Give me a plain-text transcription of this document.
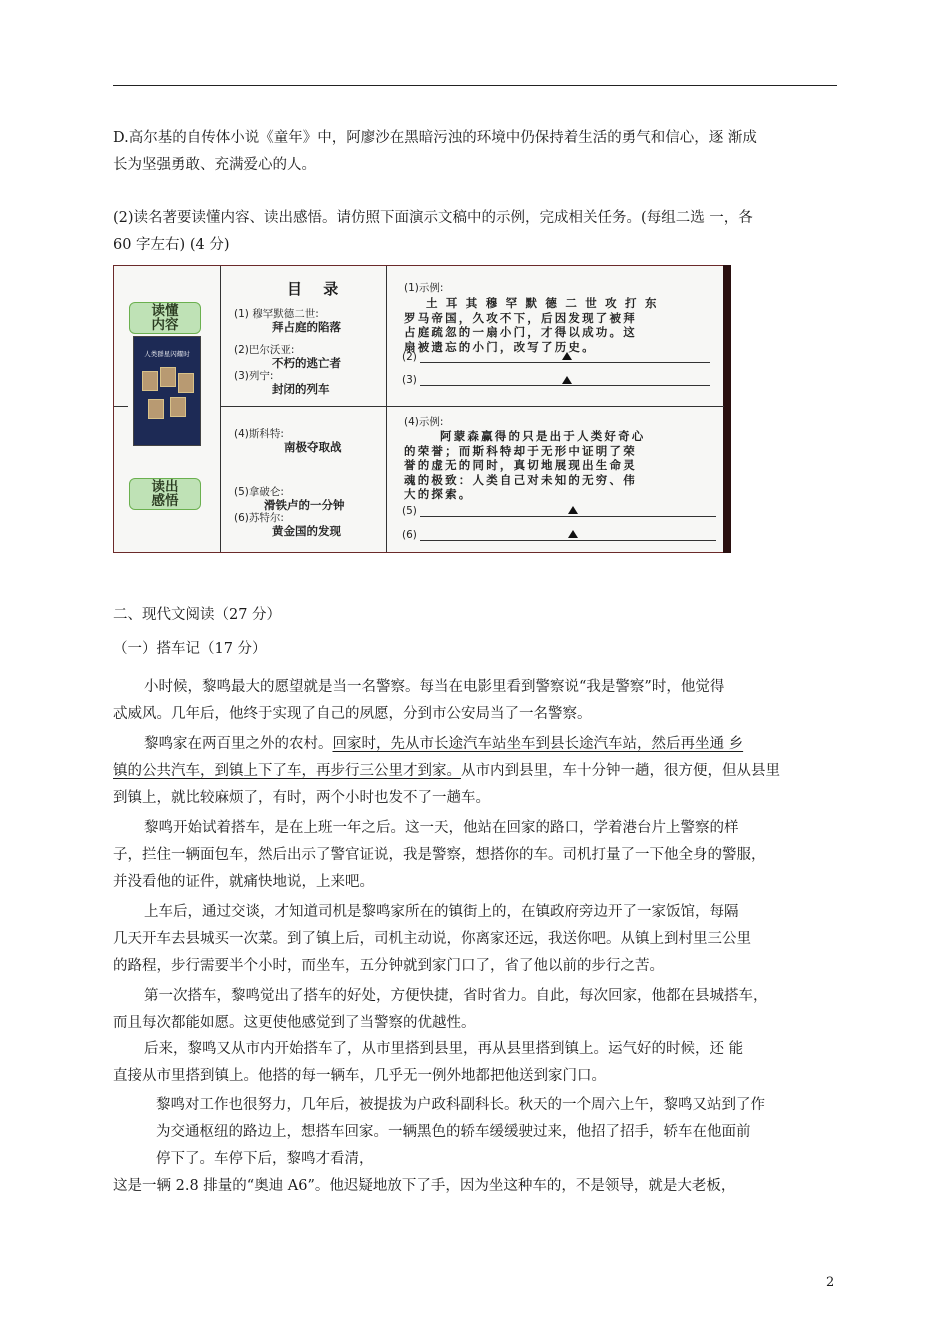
D.高尔基的自传体小说《童年》中，阿廖沙在黑暗污浊的环境中仍保持着生活的勇气和信心，逐 渐成
长为坚强勇敢、充满爱心的人。
(2)读名著要读懂内容、读出感悟。请仿照下面演示文稿中的示例，完成相关任务。(每组二选 一，各
60 字左右) (4 分)
读懂
内容
人类群星闪耀时
读出
感悟
目 录
(1) 穆罕默德二世:
拜占庭的陷落
(2)巴尔沃亚:
不朽的逃亡者
(3)列宁:
封闭的列车
(4)斯科特:
南极夺取战
(5)拿破仑:
滑铁卢的一分钟
(6)苏特尔:
黄金国的发现
(1)示例:
土 耳 其 穆 罕 默 德 二 世 攻 打 东
罗马帝国，久攻不下，后因发现了被拜
占庭疏忽的一扇小门，才得以成功。这
扇被遗忘的小门，改写了历史。
(2)
(3)
(4)示例:
阿蒙森赢得的只是出于人类好奇心
的荣誉；而斯科特却于无形中证明了荣
誉的虚无的同时，真切地展现出生命灵
魂的极致：人类自己对未知的无穷、伟
大的探索。
(5)
(6)
二、现代文阅读（27 分）
（一）搭车记（17 分）
小时候，黎鸣最大的愿望就是当一名警察。每当在电影里看到警察说“我是警察”时，他觉得
忒威风。几年后，他终于实现了自己的夙愿，分到市公安局当了一名警察。
黎鸣家在两百里之外的农村。回家时，先从市长途汽车站坐车到县长途汽车站，然后再坐通 乡
镇的公共汽车，到镇上下了车，再步行三公里才到家。从市内到县里，车十分钟一趟，很方便，但从县里
到镇上，就比较麻烦了，有时，两个小时也发不了一趟车。
黎鸣开始试着搭车，是在上班一年之后。这一天，他站在回家的路口，学着港台片上警察的样
子，拦住一辆面包车，然后出示了警官证说，我是警察，想搭你的车。司机打量了一下他全身的警服，
并没看他的证件，就痛快地说，上来吧。
上车后，通过交谈，才知道司机是黎鸣家所在的镇街上的，在镇政府旁边开了一家饭馆，每隔
几天开车去县城买一次菜。到了镇上后，司机主动说，你离家还远，我送你吧。从镇上到村里三公里
的路程，步行需要半个小时，而坐车，五分钟就到家门口了，省了他以前的步行之苦。
第一次搭车，黎鸣觉出了搭车的好处，方便快捷，省时省力。自此，每次回家，他都在县城搭车，
而且每次都能如愿。这更使他感觉到了当警察的优越性。
后来，黎鸣又从市内开始搭车了，从市里搭到县里，再从县里搭到镇上。运气好的时候，还 能
直接从市里搭到镇上。他搭的每一辆车，几乎无一例外地都把他送到家门口。
黎鸣对工作也很努力，几年后，被提拔为户政科副科长。秋天的一个周六上午，黎鸣又站到了作
为交通枢纽的路边上，想搭车回家。一辆黑色的轿车缓缓驶过来，他招了招手，轿车在他面前
停下了。车停下后，黎鸣才看清，
这是一辆 2.8 排量的“奥迪 A6”。他迟疑地放下了手，因为坐这种车的，不是领导，就是大老板，
2
